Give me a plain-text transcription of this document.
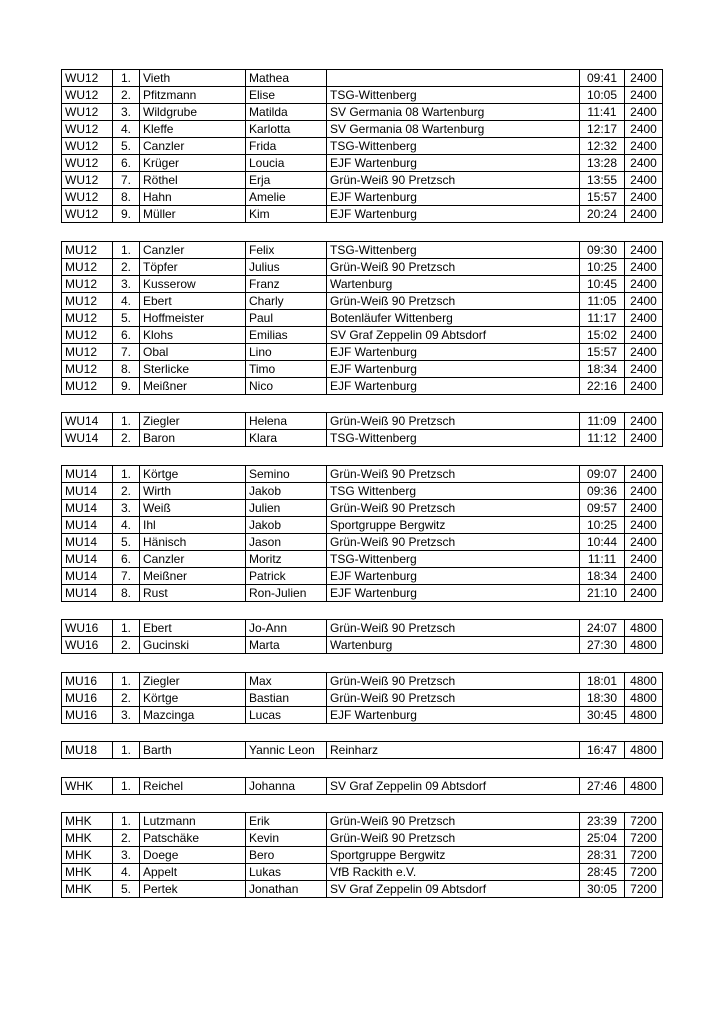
WU12	1.	Vieth	Mathea		09:41	2400
WU12	2.	Pfitzmann	Elise	TSG-Wittenberg	10:05	2400
WU12	3.	Wildgrube	Matilda	SV Germania 08 Wartenburg	11:41	2400
WU12	4.	Kleffe	Karlotta	SV Germania 08 Wartenburg	12:17	2400
WU12	5.	Canzler	Frida	TSG-Wittenberg	12:32	2400
WU12	6.	Krüger	Loucia	EJF Wartenburg	13:28	2400
WU12	7.	Röthel	Erja	Grün-Weiß 90 Pretzsch	13:55	2400
WU12	8.	Hahn	Amelie	EJF Wartenburg	15:57	2400
WU12	9.	Müller	Kim	EJF Wartenburg	20:24	2400
MU12	1.	Canzler	Felix	TSG-Wittenberg	09:30	2400
MU12	2.	Töpfer	Julius	Grün-Weiß 90 Pretzsch	10:25	2400
MU12	3.	Kusserow	Franz	Wartenburg	10:45	2400
MU12	4.	Ebert	Charly	Grün-Weiß 90 Pretzsch	11:05	2400
MU12	5.	Hoffmeister	Paul	Botenläufer Wittenberg	11:17	2400
MU12	6.	Klohs	Emilias	SV Graf Zeppelin 09 Abtsdorf	15:02	2400
MU12	7.	Obal	Lino	EJF Wartenburg	15:57	2400
MU12	8.	Sterlicke	Timo	EJF Wartenburg	18:34	2400
MU12	9.	Meißner	Nico	EJF Wartenburg	22:16	2400
WU14	1.	Ziegler	Helena	Grün-Weiß 90 Pretzsch	11:09	2400
WU14	2.	Baron	Klara	TSG-Wittenberg	11:12	2400
MU14	1.	Körtge	Semino	Grün-Weiß 90 Pretzsch	09:07	2400
MU14	2.	Wirth	Jakob	TSG Wittenberg	09:36	2400
MU14	3.	Weiß	Julien	Grün-Weiß 90 Pretzsch	09:57	2400
MU14	4.	Ihl	Jakob	Sportgruppe Bergwitz	10:25	2400
MU14	5.	Hänisch	Jason	Grün-Weiß 90 Pretzsch	10:44	2400
MU14	6.	Canzler	Moritz	TSG-Wittenberg	11:11	2400
MU14	7.	Meißner	Patrick	EJF Wartenburg	18:34	2400
MU14	8.	Rust	Ron-Julien	EJF Wartenburg	21:10	2400
WU16	1.	Ebert	Jo-Ann	Grün-Weiß 90 Pretzsch	24:07	4800
WU16	2.	Gucinski	Marta	Wartenburg	27:30	4800
MU16	1.	Ziegler	Max	Grün-Weiß 90 Pretzsch	18:01	4800
MU16	2.	Körtge	Bastian	Grün-Weiß 90 Pretzsch	18:30	4800
MU16	3.	Mazcinga	Lucas	EJF Wartenburg	30:45	4800
MU18	1.	Barth	Yannic Leon	Reinharz	16:47	4800
WHK	1.	Reichel	Johanna	SV Graf Zeppelin 09 Abtsdorf	27:46	4800
MHK	1.	Lutzmann	Erik	Grün-Weiß 90 Pretzsch	23:39	7200
MHK	2.	Patschäke	Kevin	Grün-Weiß 90 Pretzsch	25:04	7200
MHK	3.	Doege	Bero	Sportgruppe Bergwitz	28:31	7200
MHK	4.	Appelt	Lukas	VfB Rackith e.V.	28:45	7200
MHK	5.	Pertek	Jonathan	SV Graf Zeppelin 09 Abtsdorf	30:05	7200
